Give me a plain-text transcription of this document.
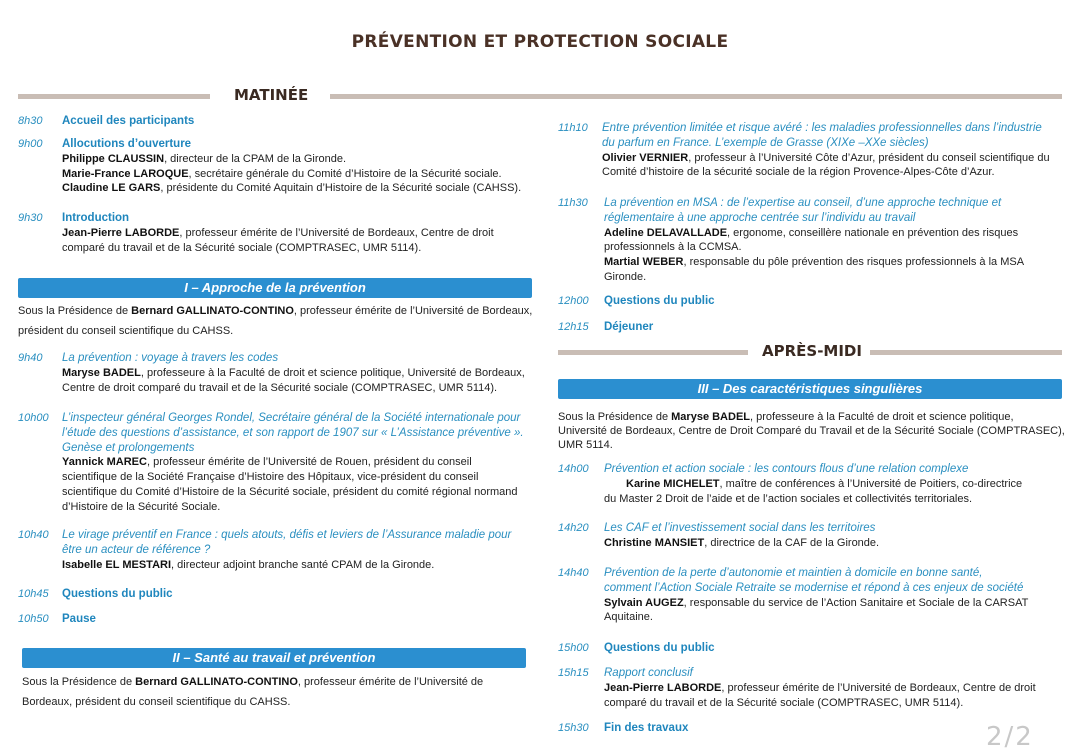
PRÉVENTION ET PROTECTION SOCIALE
MATINÉE
8h30 Accueil des participants
9h00 Allocutions d’ouverture
Philippe CLAUSSIN, directeur de la CPAM de la Gironde.
Marie-France LAROQUE, secrétaire générale du Comité d’Histoire de la Sécurité sociale.
Claudine LE GARS, présidente du Comité Aquitain d’Histoire de la Sécurité sociale (CAHSS).
9h30 Introduction
Jean-Pierre LABORDE, professeur émérite de l’Université de Bordeaux, Centre de droit
comparé du travail et de la Sécurité sociale (COMPTRASEC, UMR 5114).
I – Approche de la prévention
Sous la Présidence de Bernard GALLINATO-CONTINO, professeur émérite de l’Université de Bordeaux,
président du conseil scientifique du CAHSS.
9h40 La prévention : voyage à travers les codes
Maryse BADEL, professeure à la Faculté de droit et science politique, Université de Bordeaux,
Centre de droit comparé du travail et de la Sécurité sociale (COMPTRASEC, UMR 5114).
10h00 L’inspecteur général Georges Rondel, Secrétaire général de la Société internationale pour
l’étude des questions d’assistance, et son rapport de 1907 sur « L’Assistance préventive ».
Genèse et prolongements
Yannick MAREC, professeur émérite de l’Université de Rouen, président du conseil
scientifique de la Société Française d’Histoire des Hôpitaux, vice-président du conseil
scientifique du Comité d’Histoire de la Sécurité sociale, président du comité régional normand
d’Histoire de la Sécurité Sociale.
10h40 Le virage préventif en France : quels atouts, défis et leviers de l’Assurance maladie pour
être un acteur de référence ?
Isabelle EL MESTARI, directeur adjoint branche santé CPAM de la Gironde.
10h45 Questions du public
10h50 Pause
II – Santé au travail et prévention
Sous la Présidence de Bernard GALLINATO-CONTINO, professeur émérite de l’Université de
Bordeaux, président du conseil scientifique du CAHSS.
11h10 Entre prévention limitée et risque avéré : les maladies professionnelles dans l’industrie
du parfum en France. L’exemple de Grasse (XIXe –XXe siècles)
Olivier VERNIER, professeur à l’Université Côte d’Azur, président du conseil scientifique du
Comité d’histoire de la sécurité sociale de la région Provence-Alpes-Côte d’Azur.
11h30 La prévention en MSA : de l’expertise au conseil, d’une approche technique et
réglementaire à une approche centrée sur l’individu au travail
Adeline DELAVALLADE, ergonome, conseillère nationale en prévention des risques
professionnels à la CCMSA.
Martial WEBER, responsable du pôle prévention des risques professionnels à la MSA
Gironde.
12h00 Questions du public
12h15 Déjeuner
APRÈS-MIDI
III – Des caractéristiques singulières
Sous la Présidence de Maryse BADEL, professeure à la Faculté de droit et science politique,
Université de Bordeaux, Centre de Droit Comparé du Travail et de la Sécurité Sociale (COMPTRASEC),
UMR 5114.
14h00 Prévention et action sociale : les contours flous d’une relation complexe
Karine MICHELET, maître de conférences à l’Université de Poitiers, co-directrice
du Master 2 Droit de l’aide et de l’action sociales et collectivités territoriales.
14h20 Les CAF et l’investissement social dans les territoires
Christine MANSIET, directrice de la CAF de la Gironde.
14h40 Prévention de la perte d’autonomie et maintien à domicile en bonne santé,
comment l’Action Sociale Retraite se modernise et répond à ces enjeux de société
Sylvain AUGEZ, responsable du service de l’Action Sanitaire et Sociale de la CARSAT
Aquitaine.
15h00 Questions du public
15h15 Rapport conclusif
Jean-Pierre LABORDE, professeur émérite de l’Université de Bordeaux, Centre de droit
comparé du travail et de la Sécurité sociale (COMPTRASEC, UMR 5114).
15h30 Fin des travaux	2/2
